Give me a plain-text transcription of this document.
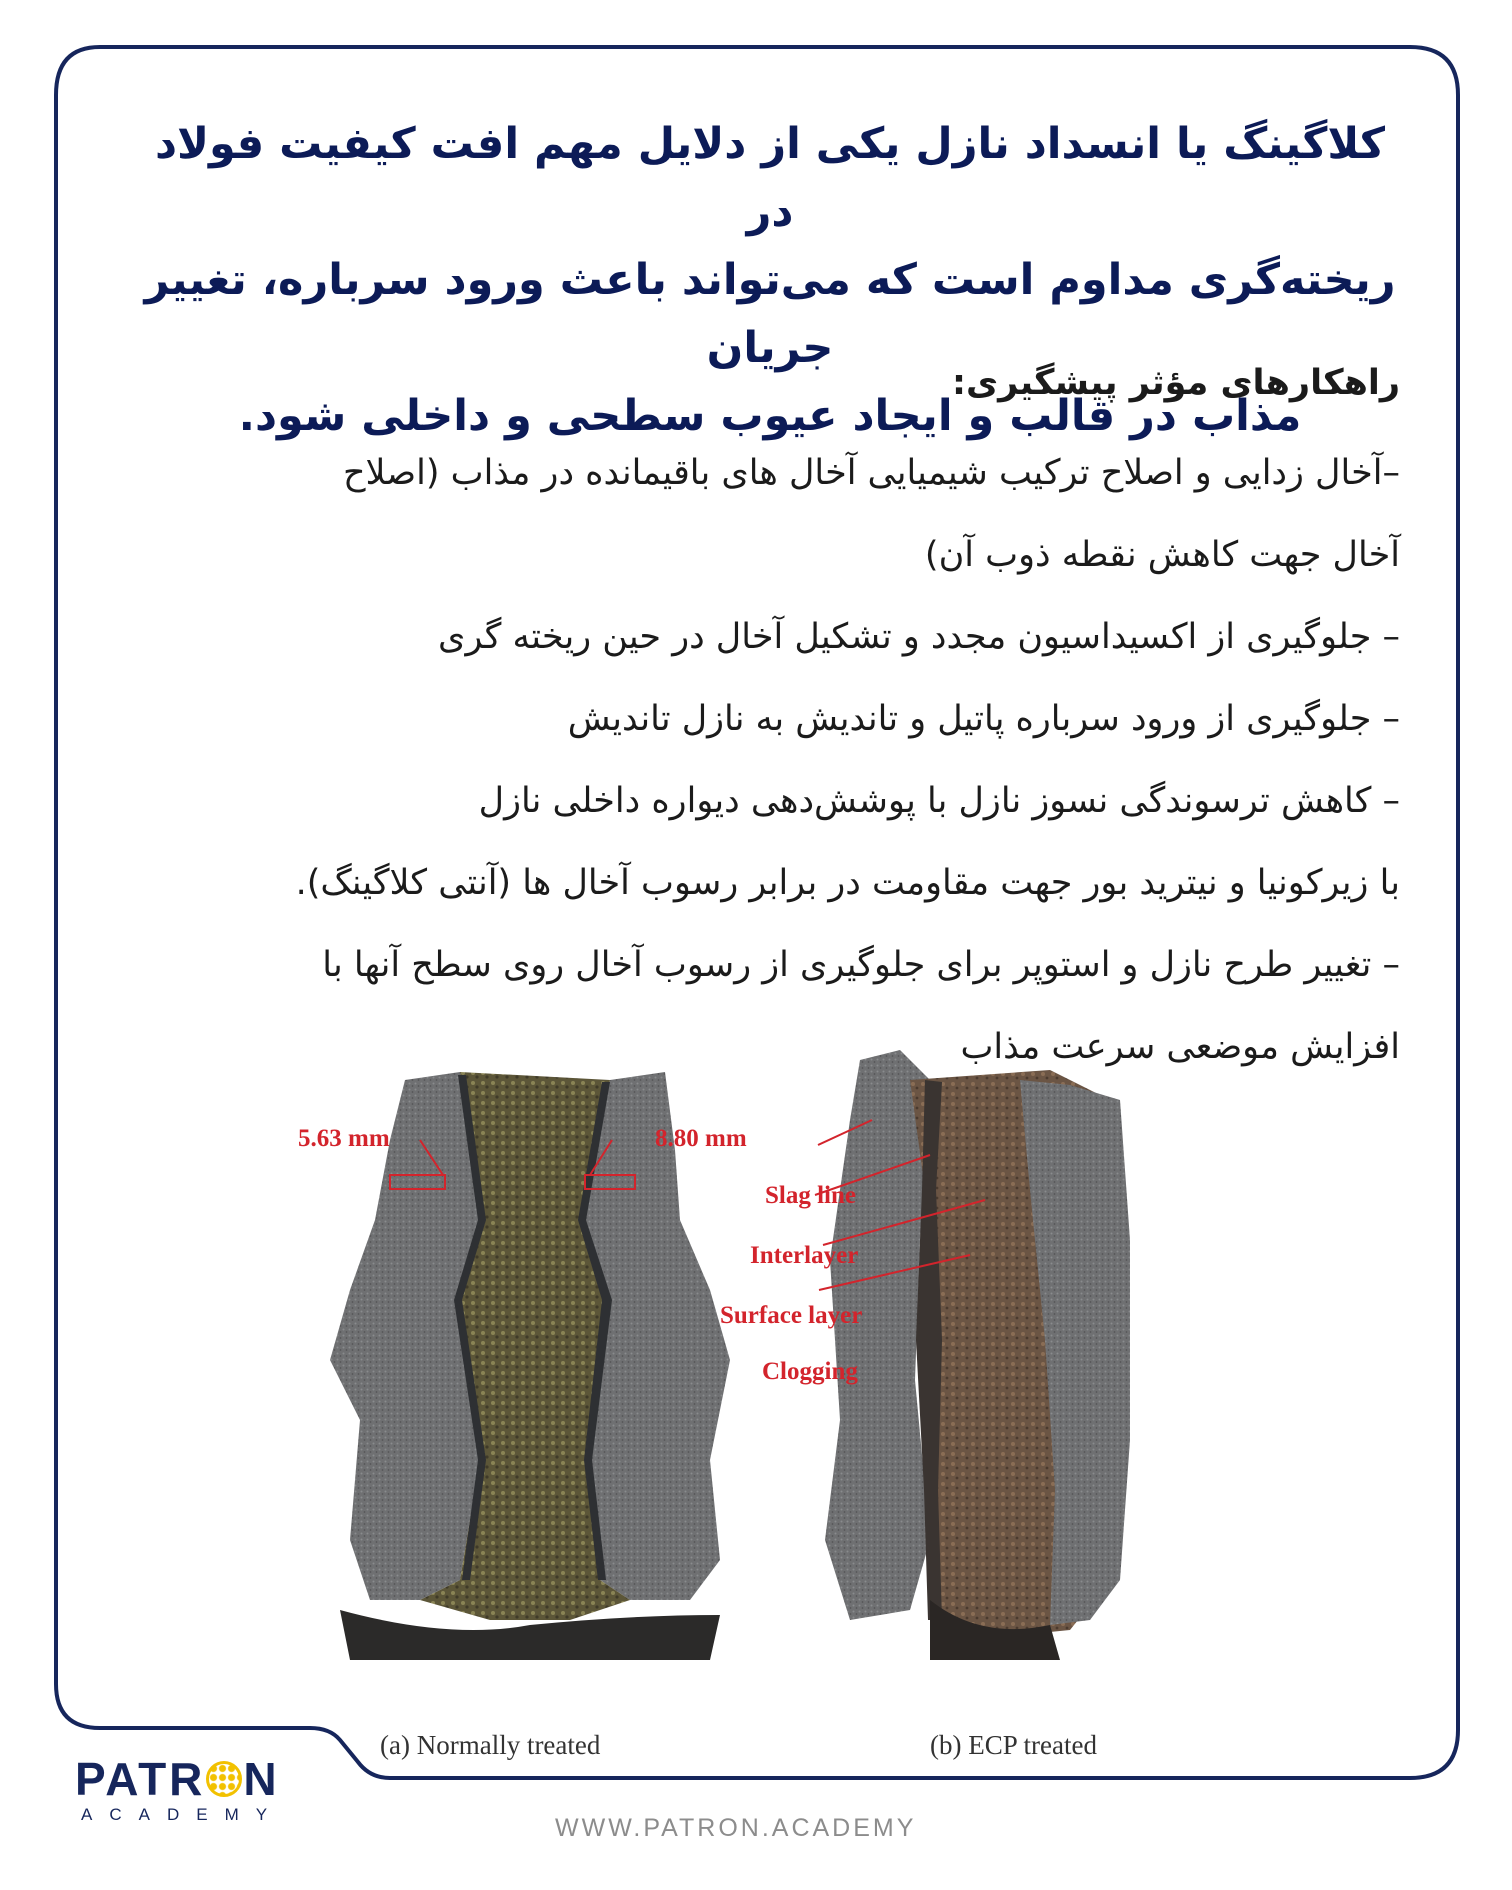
کلاگینگ یا انسداد نازل یکی از دلایل مهم افت کیفیت فولاد در
ریخته‌گری مداوم است که می‌تواند باعث ورود سرباره، تغییر جریان
مذاب در قالب و ایجاد عیوب سطحی و داخلی شود.
راهکارهای مؤثر پیشگیری:
–آخال زدایی و اصلاح ترکیب شیمیایی آخال های باقیمانده در مذاب (اصلاح
آخال جهت کاهش نقطه ذوب آن)
– جلوگیری از اکسیداسیون مجدد و تشکیل آخال در حین ریخته گری
– جلوگیری از ورود سرباره پاتیل و تاندیش به نازل تاندیش
– کاهش ترسوندگی نسوز نازل با پوشش‌دهی دیواره داخلی نازل
با زیرکونیا و نیترید بور جهت مقاومت در برابر رسوب آخال ها (آنتی کلاگینگ).
– تغییر طرح نازل و استوپر برای جلوگیری از رسوب آخال روی سطح آنها با
افزایش موضعی سرعت مذاب
5.63 mm	8.80 mm
Slag line
Interlayer
Surface layer
Clogging
(a) Normally treated	(b) ECP treated
PATR N
ACADEMY	WWW.PATRON.ACADEMY
